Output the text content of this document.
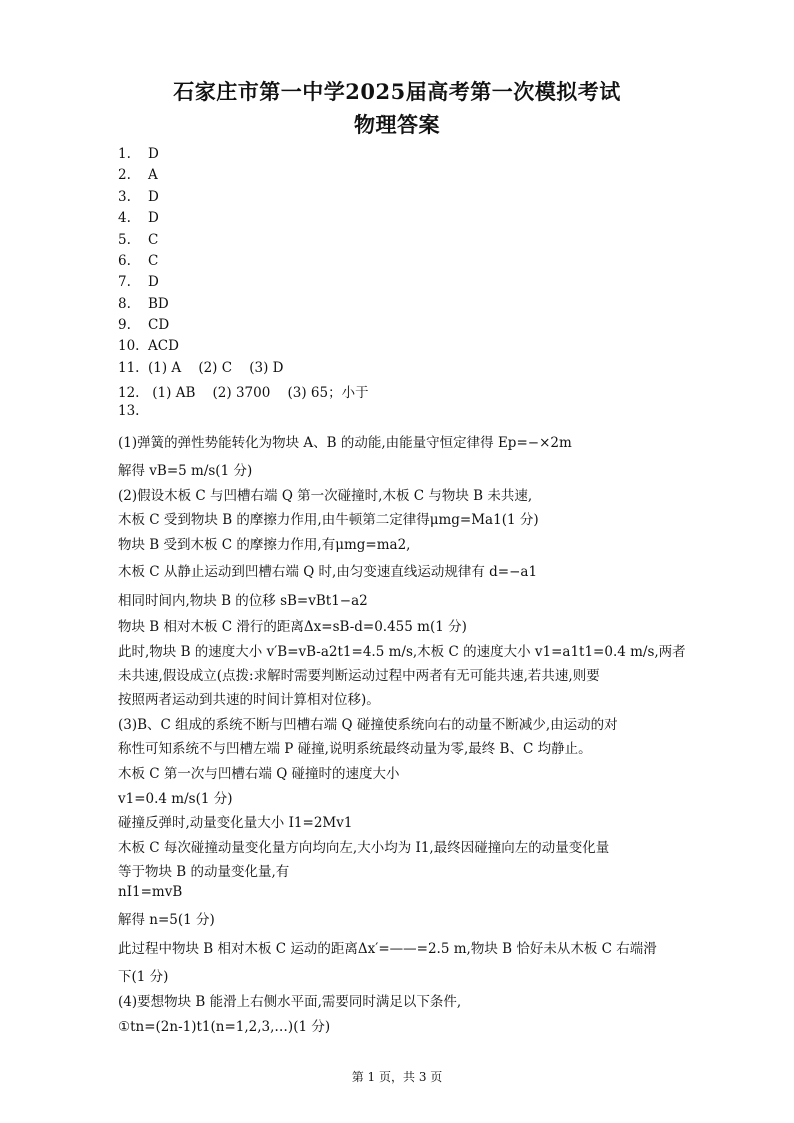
石家庄市第一中学2025届高考第一次模拟考试
物理答案
1. D
2. A
3. D
4. D
5. C
6. C
7. D
8. BD
9. CD
10. ACD
11. (1) A    (2) C    (3) D
12. (1) AB    (2) 3700    (3) 65；小于
13.
(1)弹簧的弹性势能转化为物块 A、B 的动能,由能量守恒定律得 Ep=−×2m
解得 vB=5 m/s(1 分)
(2)假设木板 C 与凹槽右端 Q 第一次碰撞时,木板 C 与物块 B 未共速,
木板 C 受到物块 B 的摩擦力作用,由牛顿第二定律得μmg=Ma1(1 分)
物块 B 受到木板 C 的摩擦力作用,有μmg=ma2,
木板 C 从静止运动到凹槽右端 Q 时,由匀变速直线运动规律有 d=−a1
相同时间内,物块 B 的位移 sB=vBt1−a2
物块 B 相对木板 C 滑行的距离Δx=sB-d=0.455 m(1 分)
此时,物块 B 的速度大小 v′B=vB-a2t1=4.5 m/s,木板 C 的速度大小 v1=a1t1=0.4 m/s,两者
未共速,假设成立(点拨:求解时需要判断运动过程中两者有无可能共速,若共速,则要
按照两者运动到共速的时间计算相对位移)。
(3)B、C 组成的系统不断与凹槽右端 Q 碰撞使系统向右的动量不断减少,由运动的对
称性可知系统不与凹槽左端 P 碰撞,说明系统最终动量为零,最终 B、C 均静止。
木板 C 第一次与凹槽右端 Q 碰撞时的速度大小
v1=0.4 m/s(1 分)
碰撞反弹时,动量变化量大小 I1=2Mv1
木板 C 每次碰撞动量变化量方向均向左,大小均为 I1,最终因碰撞向左的动量变化量
等于物块 B 的动量变化量,有
nI1=mvB
解得 n=5(1 分)
此过程中物块 B 相对木板 C 运动的距离Δx′=——=2.5 m,物块 B 恰好未从木板 C 右端滑
下(1 分)
(4)要想物块 B 能滑上右侧水平面,需要同时满足以下条件,
①tn=(2n-1)t1(n=1,2,3,…)(1 分)
第 1 页，共 3 页
